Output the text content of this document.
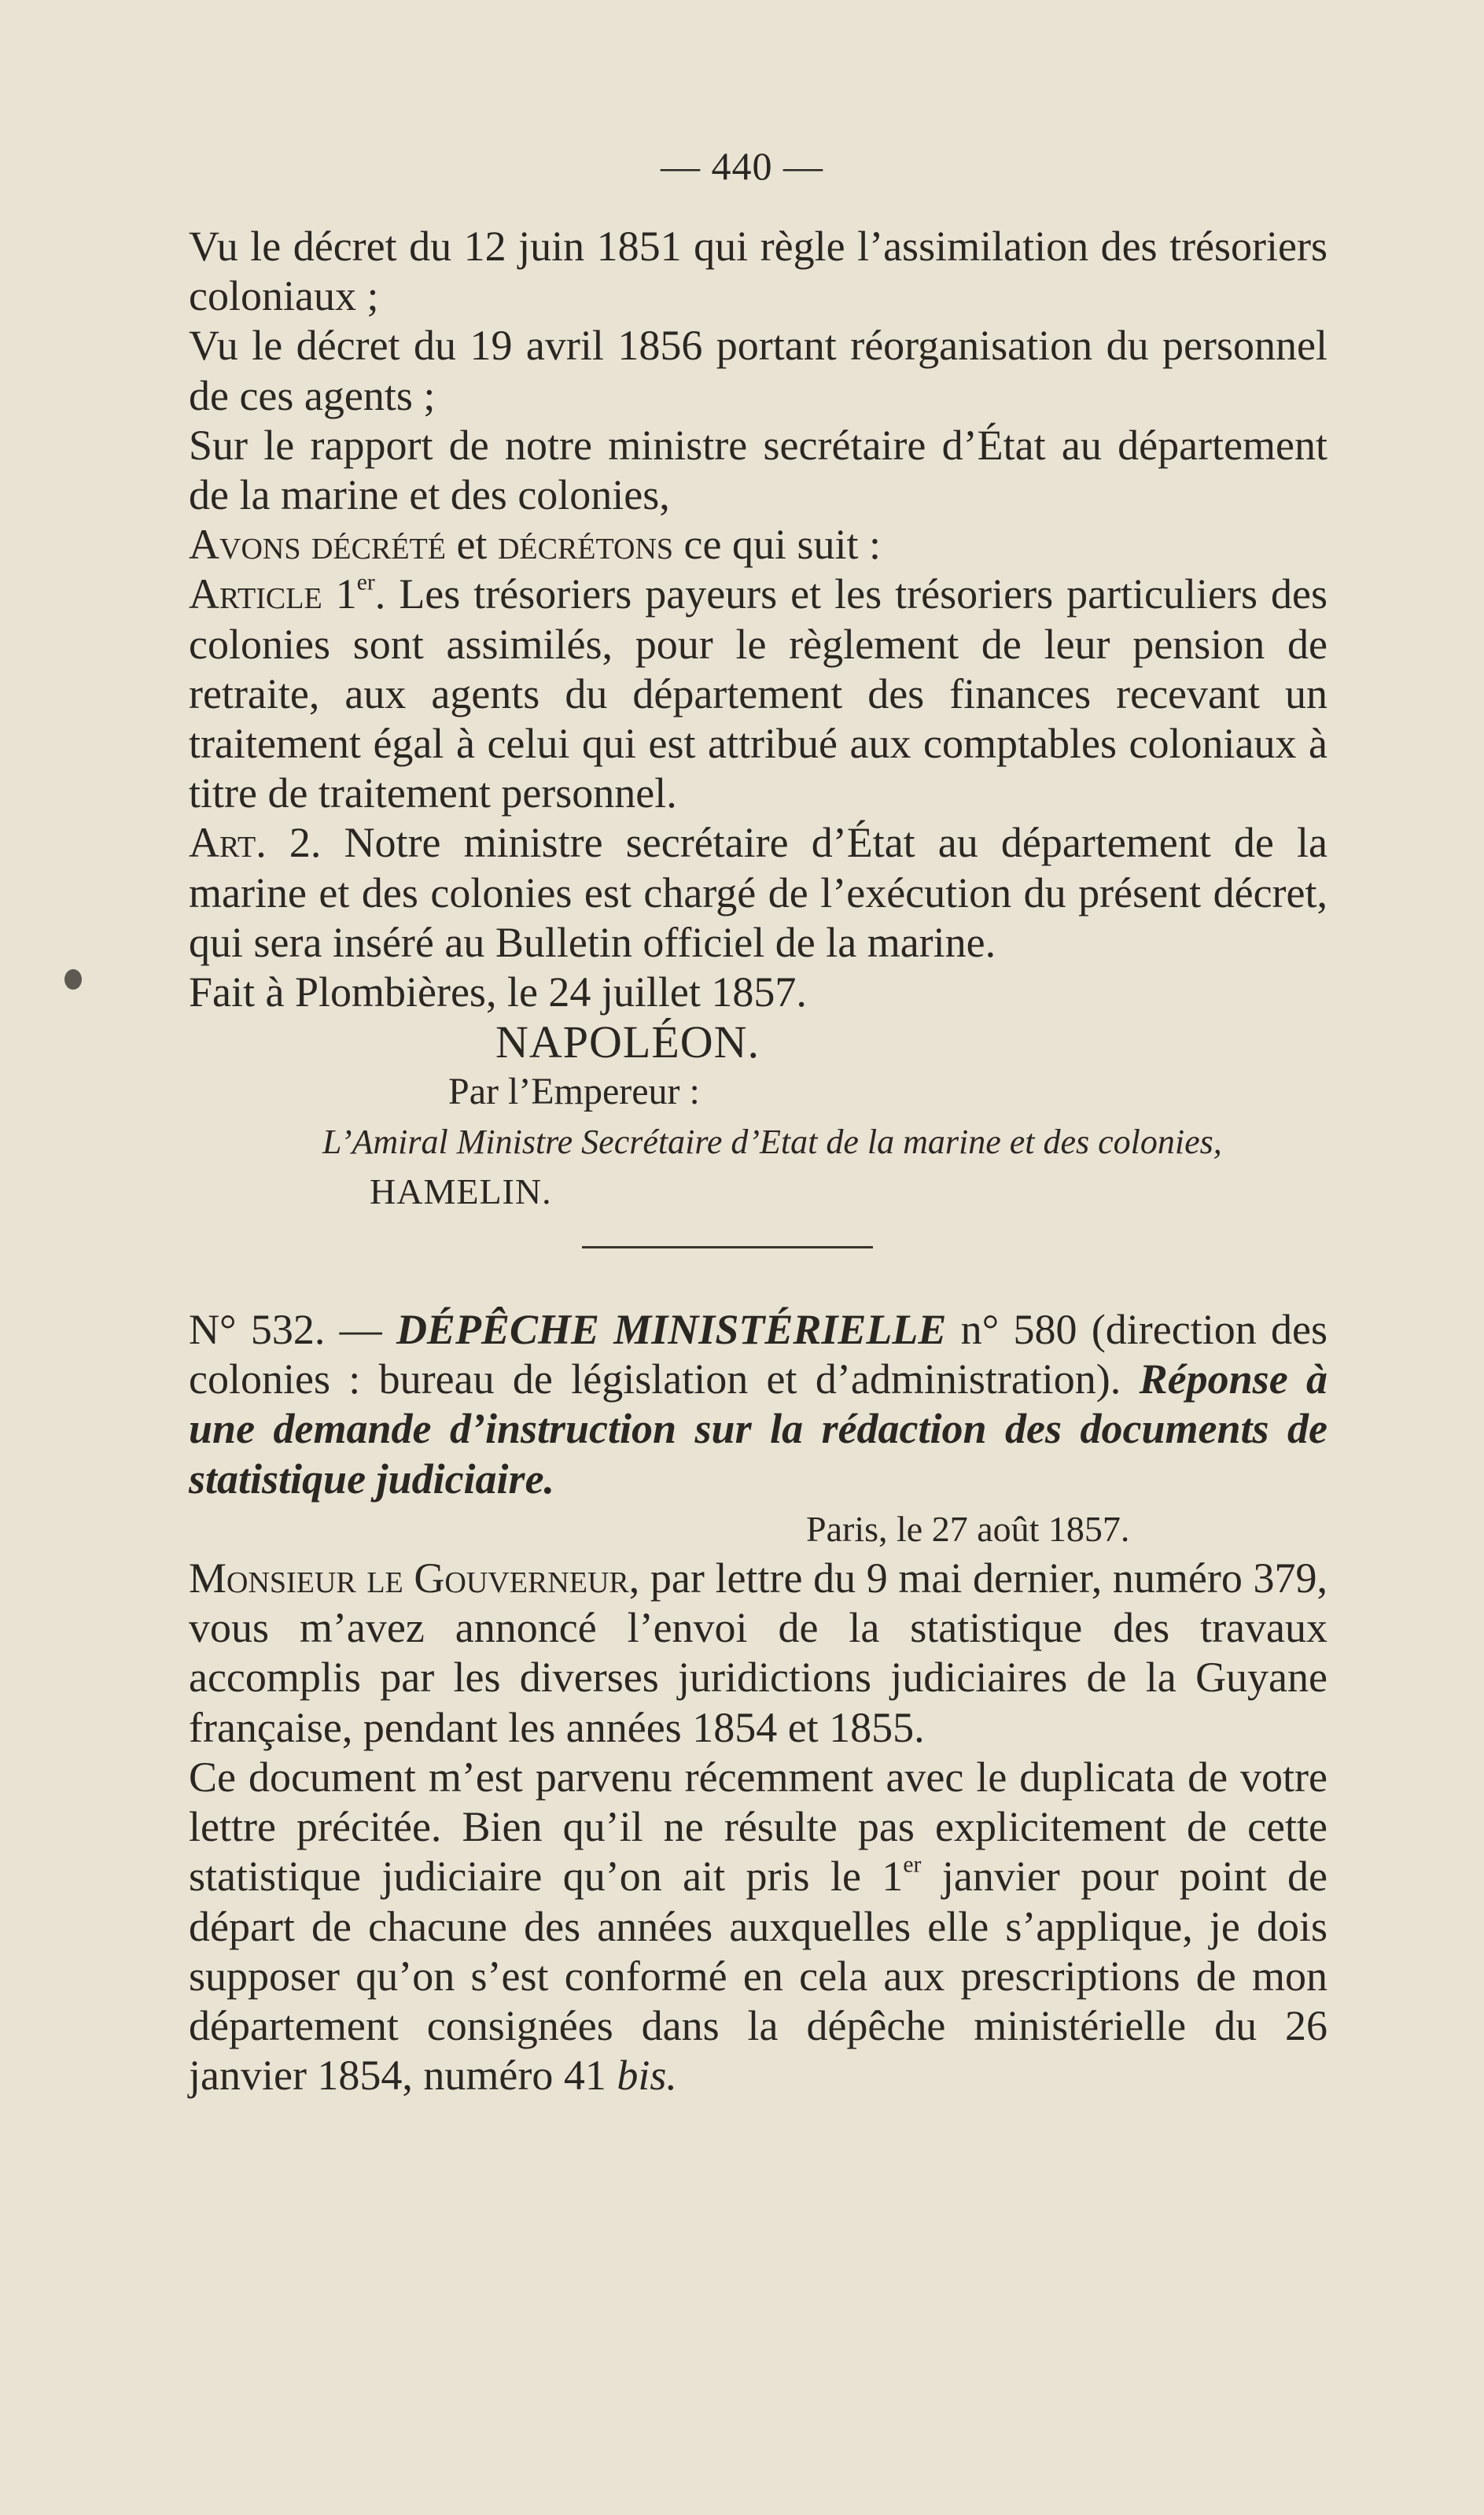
— 440 —

Vu le décret du 12 juin 1851 qui règle l’assimilation des trésoriers coloniaux ;

Vu le décret du 19 avril 1856 portant réorganisation du personnel de ces agents ;

Sur le rapport de notre ministre secrétaire d’État au département de la marine et des colonies,

Avons décrété et décrétons ce qui suit :

Article 1er. Les trésoriers payeurs et les trésoriers particuliers des colonies sont assimilés, pour le règlement de leur pension de retraite, aux agents du département des finances recevant un traitement égal à celui qui est attribué aux comptables coloniaux à titre de traitement personnel.

Art. 2. Notre ministre secrétaire d’État au département de la marine et des colonies est chargé de l’exécution du présent décret, qui sera inséré au Bulletin officiel de la marine.

Fait à Plombières, le 24 juillet 1857.

NAPOLÉON.

Par l’Empereur :

L’Amiral Ministre Secrétaire d’Etat de la marine et des colonies,

HAMELIN.

N° 532. — DÉPÊCHE MINISTÉRIELLE n° 580 (direction des colonies : bureau de législation et d’administration). Réponse à une demande d’instruction sur la rédaction des documents de statistique judiciaire.

Paris, le 27 août 1857.

Monsieur le Gouverneur, par lettre du 9 mai dernier, numéro 379, vous m’avez annoncé l’envoi de la statistique des travaux accomplis par les diverses juridictions judiciaires de la Guyane française, pendant les années 1854 et 1855.

Ce document m’est parvenu récemment avec le duplicata de votre lettre précitée. Bien qu’il ne résulte pas explicitement de cette statistique judiciaire qu’on ait pris le 1er janvier pour point de départ de chacune des années auxquelles elle s’applique, je dois supposer qu’on s’est conformé en cela aux prescriptions de mon département consignées dans la dépêche ministérielle du 26 janvier 1854, numéro 41 bis.
